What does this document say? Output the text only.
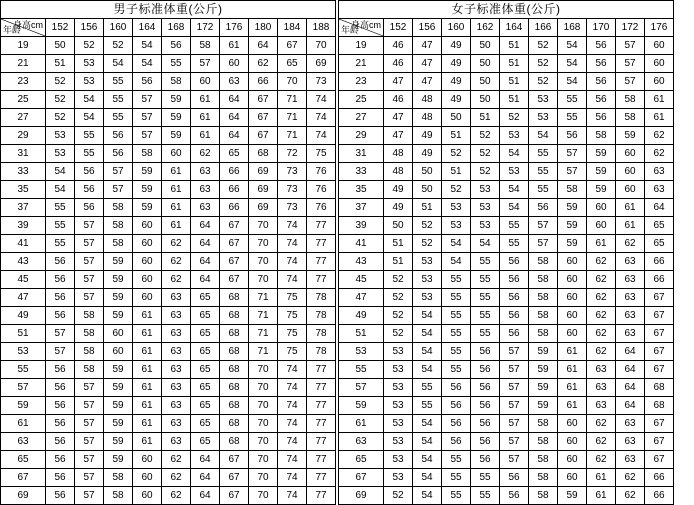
男子标准体重(公斤)										

身高cm
年龄	152	156	160	164	168	172	176	180	184	188
19	50	52	52	54	56	58	61	64	67	70
21	51	53	54	54	55	57	60	62	65	69
23	52	53	55	56	58	60	63	66	70	73
25	52	54	55	57	59	61	64	67	71	74
27	52	54	55	57	59	61	64	67	71	74
29	53	55	56	57	59	61	64	67	71	74
31	53	55	56	58	60	62	65	68	72	75
33	54	56	57	59	61	63	66	69	73	76
35	54	56	57	59	61	63	66	69	73	76
37	55	56	58	59	61	63	66	69	73	76
39	55	57	58	60	61	64	67	70	74	77
41	55	57	58	60	62	64	67	70	74	77
43	56	57	59	60	62	64	67	70	74	77
45	56	57	59	60	62	64	67	70	74	77
47	56	57	59	60	63	65	68	71	75	78
49	56	58	59	61	63	65	68	71	75	78
51	57	58	60	61	63	65	68	71	75	78
53	57	58	60	61	63	65	68	71	75	78
55	56	58	59	61	63	65	68	70	74	77
57	56	57	59	61	63	65	68	70	74	77
59	56	57	59	61	63	65	68	70	74	77
61	56	57	59	61	63	65	68	70	74	77
63	56	57	59	61	63	65	68	70	74	77
65	56	57	59	60	62	64	67	70	74	77
67	56	57	58	60	62	64	67	70	74	77
69	56	57	58	60	62	64	67	70	74	77
女子标准体重(公斤)										

身高cm
年龄	152	156	160	162	164	166	168	170	172	176
19	46	47	49	50	51	52	54	56	57	60
21	46	47	49	50	51	52	54	56	57	60
23	47	47	49	50	51	52	54	56	57	60
25	46	48	49	50	51	53	55	56	58	61
27	47	48	50	51	52	53	55	56	58	61
29	47	49	51	52	53	54	56	58	59	62
31	48	49	52	52	54	55	57	59	60	62
33	48	50	51	52	53	55	57	59	60	63
35	49	50	52	53	54	55	58	59	60	63
37	49	51	53	53	54	56	59	60	61	64
39	50	52	53	53	55	57	59	60	61	65
41	51	52	54	54	55	57	59	61	62	65
43	51	53	54	55	56	58	60	62	63	66
45	52	53	55	55	56	58	60	62	63	66
47	52	53	55	55	56	58	60	62	63	67
49	52	54	55	55	56	58	60	62	63	67
51	52	54	55	55	56	58	60	62	63	67
53	53	54	55	56	57	59	61	62	64	67
55	53	54	55	56	57	59	61	63	64	67
57	53	55	56	56	57	59	61	63	64	68
59	53	55	56	56	57	59	61	63	64	68
61	53	54	56	56	57	58	60	62	63	67
63	53	54	56	56	57	58	60	62	63	67
65	53	54	55	56	57	58	60	62	63	67
67	53	54	55	55	56	58	60	61	62	66
69	52	54	55	55	56	58	59	61	62	66
